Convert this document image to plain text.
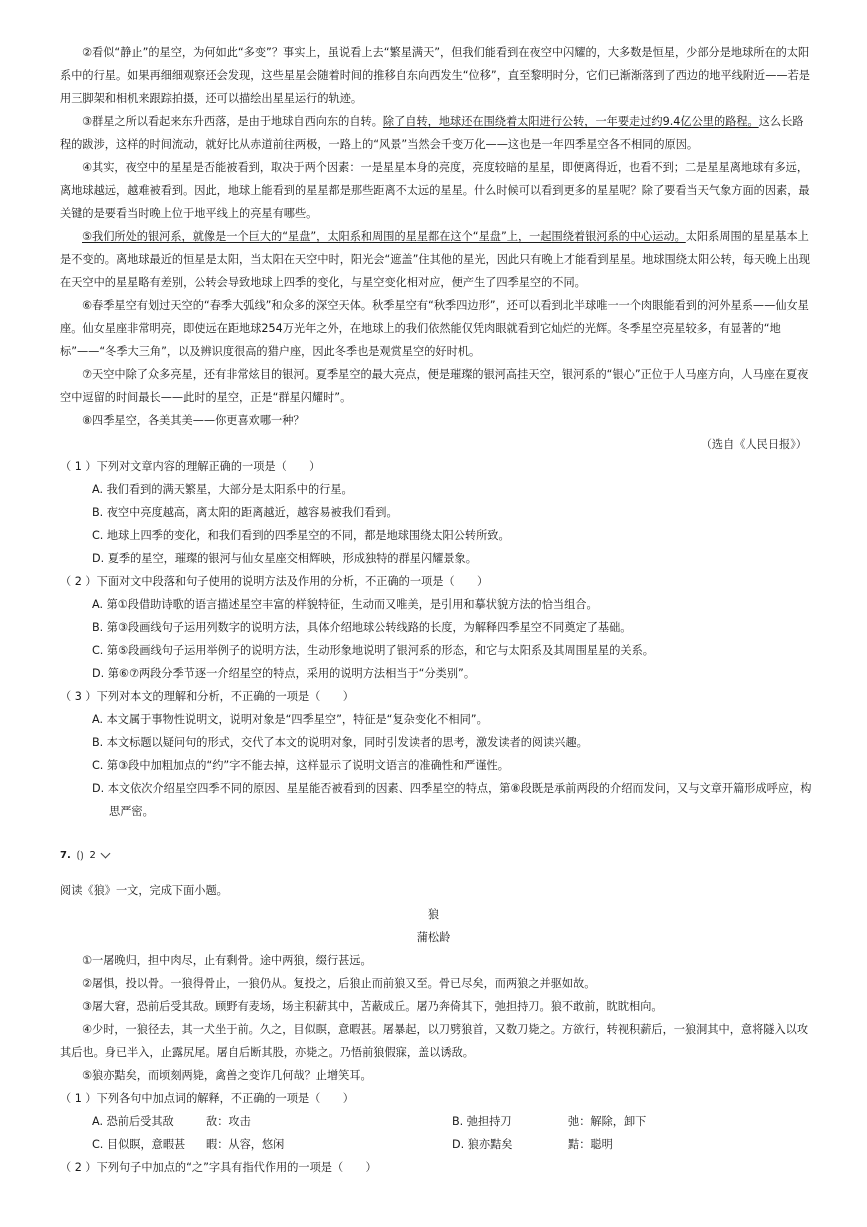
②看似“静止”的星空，为何如此“多变”？事实上，虽说看上去“繁星满天”，但我们能看到在夜空中闪耀的，大多数是恒星，少部分是地球所在的太阳系中的行星。如果再细细观察还会发现，这些星星会随着时间的推移自东向西发生“位移”，直至黎明时分，它们已渐渐落到了西边的地平线附近——若是用三脚架和相机来跟踪拍摄，还可以描绘出星星运行的轨迹。

③群星之所以看起来东升西落，是由于地球自西向东的自转。除了自转，地球还在围绕着太阳进行公转，一年要走过约9.4亿公里的路程。这么长路程的跋涉，这样的时间流动，就好比从赤道前往两极，一路上的“风景”当然会千变万化——这也是一年四季星空各不相同的原因。

④其实，夜空中的星星是否能被看到，取决于两个因素：一是星星本身的亮度，亮度较暗的星星，即便离得近，也看不到；二是星星离地球有多远，离地球越远，越难被看到。因此，地球上能看到的星星都是那些距离不太远的星星。什么时候可以看到更多的星星呢？除了要看当天气象方面的因素，最关键的是要看当时晚上位于地平线上的亮星有哪些。

⑤我们所处的银河系，就像是一个巨大的“星盘”，太阳系和周围的星星都在这个“星盘”上，一起围绕着银河系的中心运动。太阳系周围的星星基本上是不变的。离地球最近的恒星是太阳，当太阳在天空中时，阳光会“遮盖”住其他的星光，因此只有晚上才能看到星星。地球围绕太阳公转，每天晚上出现在天空中的星星略有差别，公转会导致地球上四季的变化，与星空变化相对应，便产生了四季星空的不同。

⑥春季星空有划过天空的“春季大弧线”和众多的深空天体。秋季星空有“秋季四边形”，还可以看到北半球唯一一个肉眼能看到的河外星系——仙女星座。仙女星座非常明亮，即使远在距地球254万光年之外，在地球上的我们依然能仅凭肉眼就看到它灿烂的光辉。冬季星空亮星较多，有显著的“地标”——“冬季大三角”，以及辨识度很高的猎户座，因此冬季也是观赏星空的好时机。

⑦天空中除了众多亮星，还有非常炫目的银河。夏季星空的最大亮点，便是璀璨的银河高挂天空，银河系的“银心”正位于人马座方向，人马座在夏夜空中逗留的时间最长——此时的星空，正是“群星闪耀时”。

⑧四季星空，各美其美——你更喜欢哪一种？

（选自《人民日报》）
（ 1 ）下列对文章内容的理解正确的一项是（　　）

A. 我们看到的满天繁星，大部分是太阳系中的行星。

B. 夜空中亮度越高，离太阳的距离越近，越容易被我们看到。

C. 地球上四季的变化，和我们看到的四季星空的不同，都是地球围绕太阳公转所致。

D. 夏季的星空，璀璨的银河与仙女星座交相辉映，形成独特的群星闪耀景象。

（ 2 ）下面对文中段落和句子使用的说明方法及作用的分析，不正确的一项是（　　）

A. 第①段借助诗歌的语言描述星空丰富的样貌特征，生动而又唯美，是引用和摹状貌方法的恰当组合。

B. 第③段画线句子运用列数字的说明方法，具体介绍地球公转线路的长度，为解释四季星空不同奠定了基础。

C. 第⑤段画线句子运用举例子的说明方法，生动形象地说明了银河系的形态，和它与太阳系及其周围星星的关系。

D. 第⑥⑦两段分季节逐一介绍星空的特点，采用的说明方法相当于“分类别”。

（ 3 ）下列对本文的理解和分析，不正确的一项是（　　）

A. 本文属于事物性说明文，说明对象是“四季星空”，特征是“复杂变化不相同”。

B. 本文标题以疑问句的形式，交代了本文的说明对象，同时引发读者的思考，激发读者的阅读兴趣。

C. 第③段中加粗加点的“约”字不能去掉，这样显示了说明文语言的准确性和严谨性。

D. 本文依次介绍星空四季不同的原因、星星能否被看到的因素、四季星空的特点，第⑧段既是承前两段的介绍而发问，又与文章开篇形成呼应，构思严密。

7. ⟮⟯ 2
阅读《狼》一文，完成下面小题。
狼
蒲松龄

①一屠晚归，担中肉尽，止有剩骨。途中两狼，缀行甚远。

②屠惧，投以骨。一狼得骨止，一狼仍从。复投之，后狼止而前狼又至。骨已尽矣，而两狼之并驱如故。

③屠大窘，恐前后受其敌。顾野有麦场，场主积薪其中，苫蔽成丘。屠乃奔倚其下，弛担持刀。狼不敢前，眈眈相向。

④少时，一狼径去，其一犬坐于前。久之，目似瞑，意暇甚。屠暴起，以刀劈狼首，又数刀毙之。方欲行，转视积薪后，一狼洞其中，意将隧入以攻其后也。身已半入，止露尻尾。屠自后断其股，亦毙之。乃悟前狼假寐，盖以诱敌。

⑤狼亦黠矣，而顷刻两毙，禽兽之变诈几何哉？止增笑耳。

（ 1 ）下列各句中加点词的解释，不正确的一项是（　　）
A. 恐前后受其敌	敌：攻击	B. 弛担持刀	弛：解除，卸下
C. 目似瞑，意暇甚 暇：从容，悠闲	D. 狼亦黠矣	黠：聪明
（ 2 ）下列句子中加点的“之”字具有指代作用的一项是（　　）
